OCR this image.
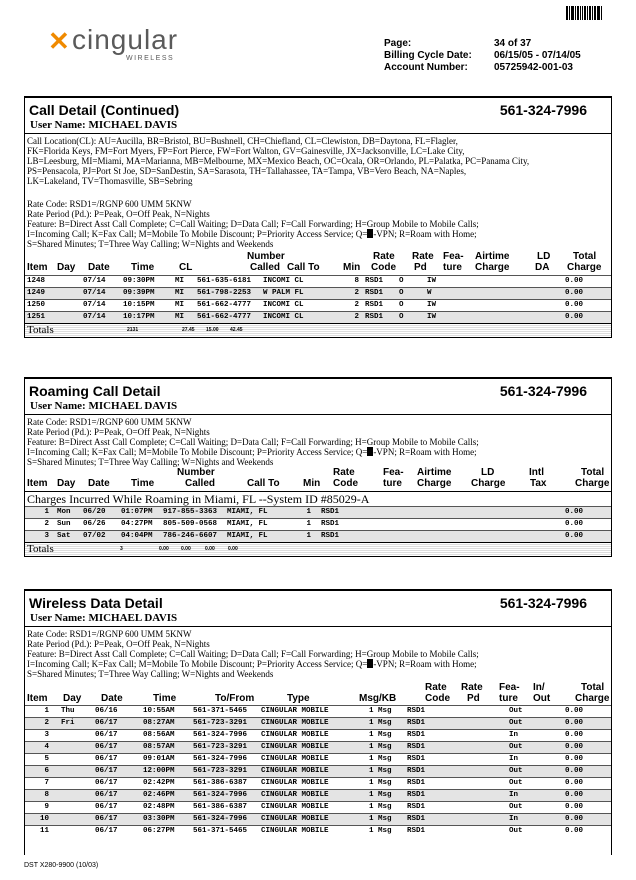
✕ cingular
WIRELESS
Page:	34 of 37
Billing Cycle Date:	06/15/05 - 07/14/05
Account Number:	05725942-001-03
Call Detail (Continued)	561-324-7996
User Name: MICHAEL DAVIS

Call Location(CL): AU=Aucilla, BR=Bristol, BU=Bushnell, CH=Chiefland, CL=Clewiston, DB=Daytona, FL=Flagler,

FK=Florida Keys, FM=Fort Myers, FP=Fort Pierce, FW=Fort Walton, GV=Gainesville, JX=Jacksonville, LC=Lake City,

LB=Leesburg, MI=Miami, MA=Marianna, MB=Melbourne, MX=Mexico Beach, OC=Ocala, OR=Orlando, PL=Palatka, PC=Panama City,

PS=Pensacola, PJ=Port St Joe, SD=SanDestin, SA=Sarasota, TH=Tallahassee, TA=Tampa, VB=Vero Beach, NA=Naples,

LK=Lakeland, TV=Thomasville, SB=Sebring

Rate Code: RSD1=/RGNP 600 UMM 5KNW

Rate Period (Pd.): P=Peak, O=Off Peak, N=Nights

Feature: B=Direct Asst Call Complete; C=Call Waiting; D=Data Call; F=Call Forwarding; H=Group Mobile to Mobile Calls;

I=Incoming Call; K=Fax Call; M=Mobile To Mobile Discount; P=Priority Access Service; Q= -VPN; R=Roam with Home;

S=Shared Minutes; T=Three Way Calling; W=Nights and Weekends

Number	Rate Rate Fea- Airtime	LD Total
Item Day Date Time CL	Called Call To Min Code Pd ture Charge	DA Charge
1248	07/14 09:30PM	MI 561-635-6181 INCOMI CL	8 RSD1 O	IW	0.00
1249	07/14 09:39PM	MI 561-798-2253 W PALM FL	2 RSD1 O	W	0.00
1250	07/14 10:15PM	MI 561-662-4777 INCOMI CL	2 RSD1 O	IW	0.00
1251	07/14 10:17PM	MI 561-662-4777 INCOMI CL	2 RSD1 O	IW	0.00
Totals	2131	27.45 15.00 42.45
Roaming Call Detail	561-324-7996
User Name: MICHAEL DAVIS

Rate Code: RSD1=/RGNP 600 UMM 5KNW

Rate Period (Pd.): P=Peak, O=Off Peak, N=Nights

Feature: B=Direct Asst Call Complete; C=Call Waiting; D=Data Call; F=Call Forwarding; H=Group Mobile to Mobile Calls;

I=Incoming Call; K=Fax Call; M=Mobile To Mobile Discount; P=Priority Access Service; Q= -VPN; R=Roam with Home;

S=Shared Minutes; T=Three Way Calling; W=Nights and Weekends

Number	Rate	Fea- Airtime	LD	Intl	Total
Item Day Date Time	Called	Call To Min Code	ture Charge Charge Tax	Charge
Charges Incurred While Roaming in Miami, FL --System ID #85029-A
1 Mon 06/20 01:07PM 917-855-3363 MIAMI, FL	1 RSD1	0.00
2 Sun 06/26 04:27PM 805-509-0568 MIAMI, FL	1 RSD1	0.00
3 Sat 07/02 04:04PM 786-246-6607 MIAMI, FL	1 RSD1	0.00
Totals	3	0.00 0.00	0.00	0.00
Wireless Data Detail	561-324-7996
User Name: MICHAEL DAVIS

Rate Code: RSD1=/RGNP 600 UMM 5KNW

Rate Period (Pd.): P=Peak, O=Off Peak, N=Nights

Feature: B=Direct Asst Call Complete; C=Call Waiting; D=Data Call; F=Call Forwarding; H=Group Mobile to Mobile Calls;

I=Incoming Call; K=Fax Call; M=Mobile To Mobile Discount; P=Priority Access Service; Q= -VPN; R=Roam with Home;

S=Shared Minutes; T=Three Way Calling; W=Nights and Weekends

Rate Rate Fea- In/	Total
Item Day Date	Time	To/From	Type	Msg/KB	Code Pd ture Out Charge
1 Thu	06/16	10:55AM 561-371-5465 CINGULAR MOBILE	1 Msg RSD1	Out	0.00
2 Fri	06/17	08:27AM 561-723-3291 CINGULAR MOBILE	1 Msg RSD1	Out	0.00
3	06/17	08:56AM 561-324-7996 CINGULAR MOBILE	1 Msg RSD1	In	0.00
4	06/17	08:57AM 561-723-3291 CINGULAR MOBILE	1 Msg RSD1	Out	0.00
5	06/17	09:01AM 561-324-7996 CINGULAR MOBILE	1 Msg RSD1	In	0.00
6	06/17	12:00PM 561-723-3291 CINGULAR MOBILE	1 Msg RSD1	Out	0.00
7	06/17	02:42PM 561-386-6387 CINGULAR MOBILE	1 Msg RSD1	Out	0.00
8	06/17	02:46PM 561-324-7996 CINGULAR MOBILE	1 Msg RSD1	In	0.00
9	06/17	02:48PM 561-386-6387 CINGULAR MOBILE	1 Msg RSD1	Out	0.00
10	06/17	03:30PM 561-324-7996 CINGULAR MOBILE	1 Msg RSD1	In	0.00
11	06/17	06:27PM 561-371-5465 CINGULAR MOBILE	1 Msg RSD1	Out	0.00
DST X280-9900 (10/03)
